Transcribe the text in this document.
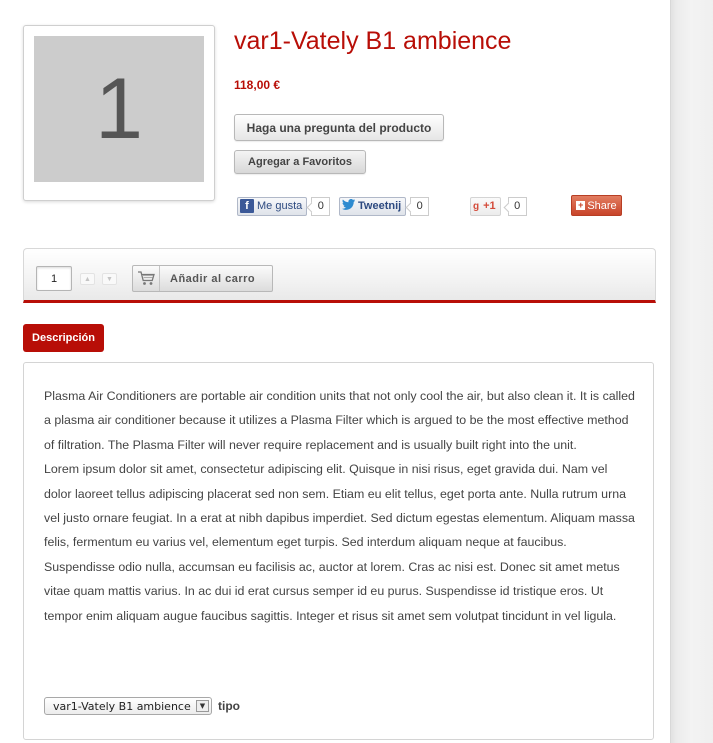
1
var1-Vately B1 ambience
118,00 €
Haga una pregunta del producto
Agregar a Favoritos
f Me gusta	0	Tweetnij	0	g +1	0	+ Share
1	▲ ▼	Añadir al carro
Descripción

Plasma Air Conditioners are portable air condition units that not only cool the air, but also clean it. It is called a plasma air conditioner because it utilizes a Plasma Filter which is argued to be the most effective method of filtration. The Plasma Filter will never require replacement and is usually built right into the unit.

Lorem ipsum dolor sit amet, consectetur adipiscing elit. Quisque in nisi risus, eget gravida dui. Nam vel dolor laoreet tellus adipiscing placerat sed non sem. Etiam eu elit tellus, eget porta ante. Nulla rutrum urna vel justo ornare feugiat. In a erat at nibh dapibus imperdiet. Sed dictum egestas elementum. Aliquam massa felis, fermentum eu varius vel, elementum eget turpis. Sed interdum aliquam neque at faucibus. Suspendisse odio nulla, accumsan eu facilisis ac, auctor at lorem. Cras ac nisi est. Donec sit amet metus vitae quam mattis varius. In ac dui id erat cursus semper id eu purus. Suspendisse id tristique eros. Ut tempor enim aliquam augue faucibus sagittis. Integer et risus sit amet sem volutpat tincidunt in vel ligula.

var1-Vately B1 ambience	▼	tipo
